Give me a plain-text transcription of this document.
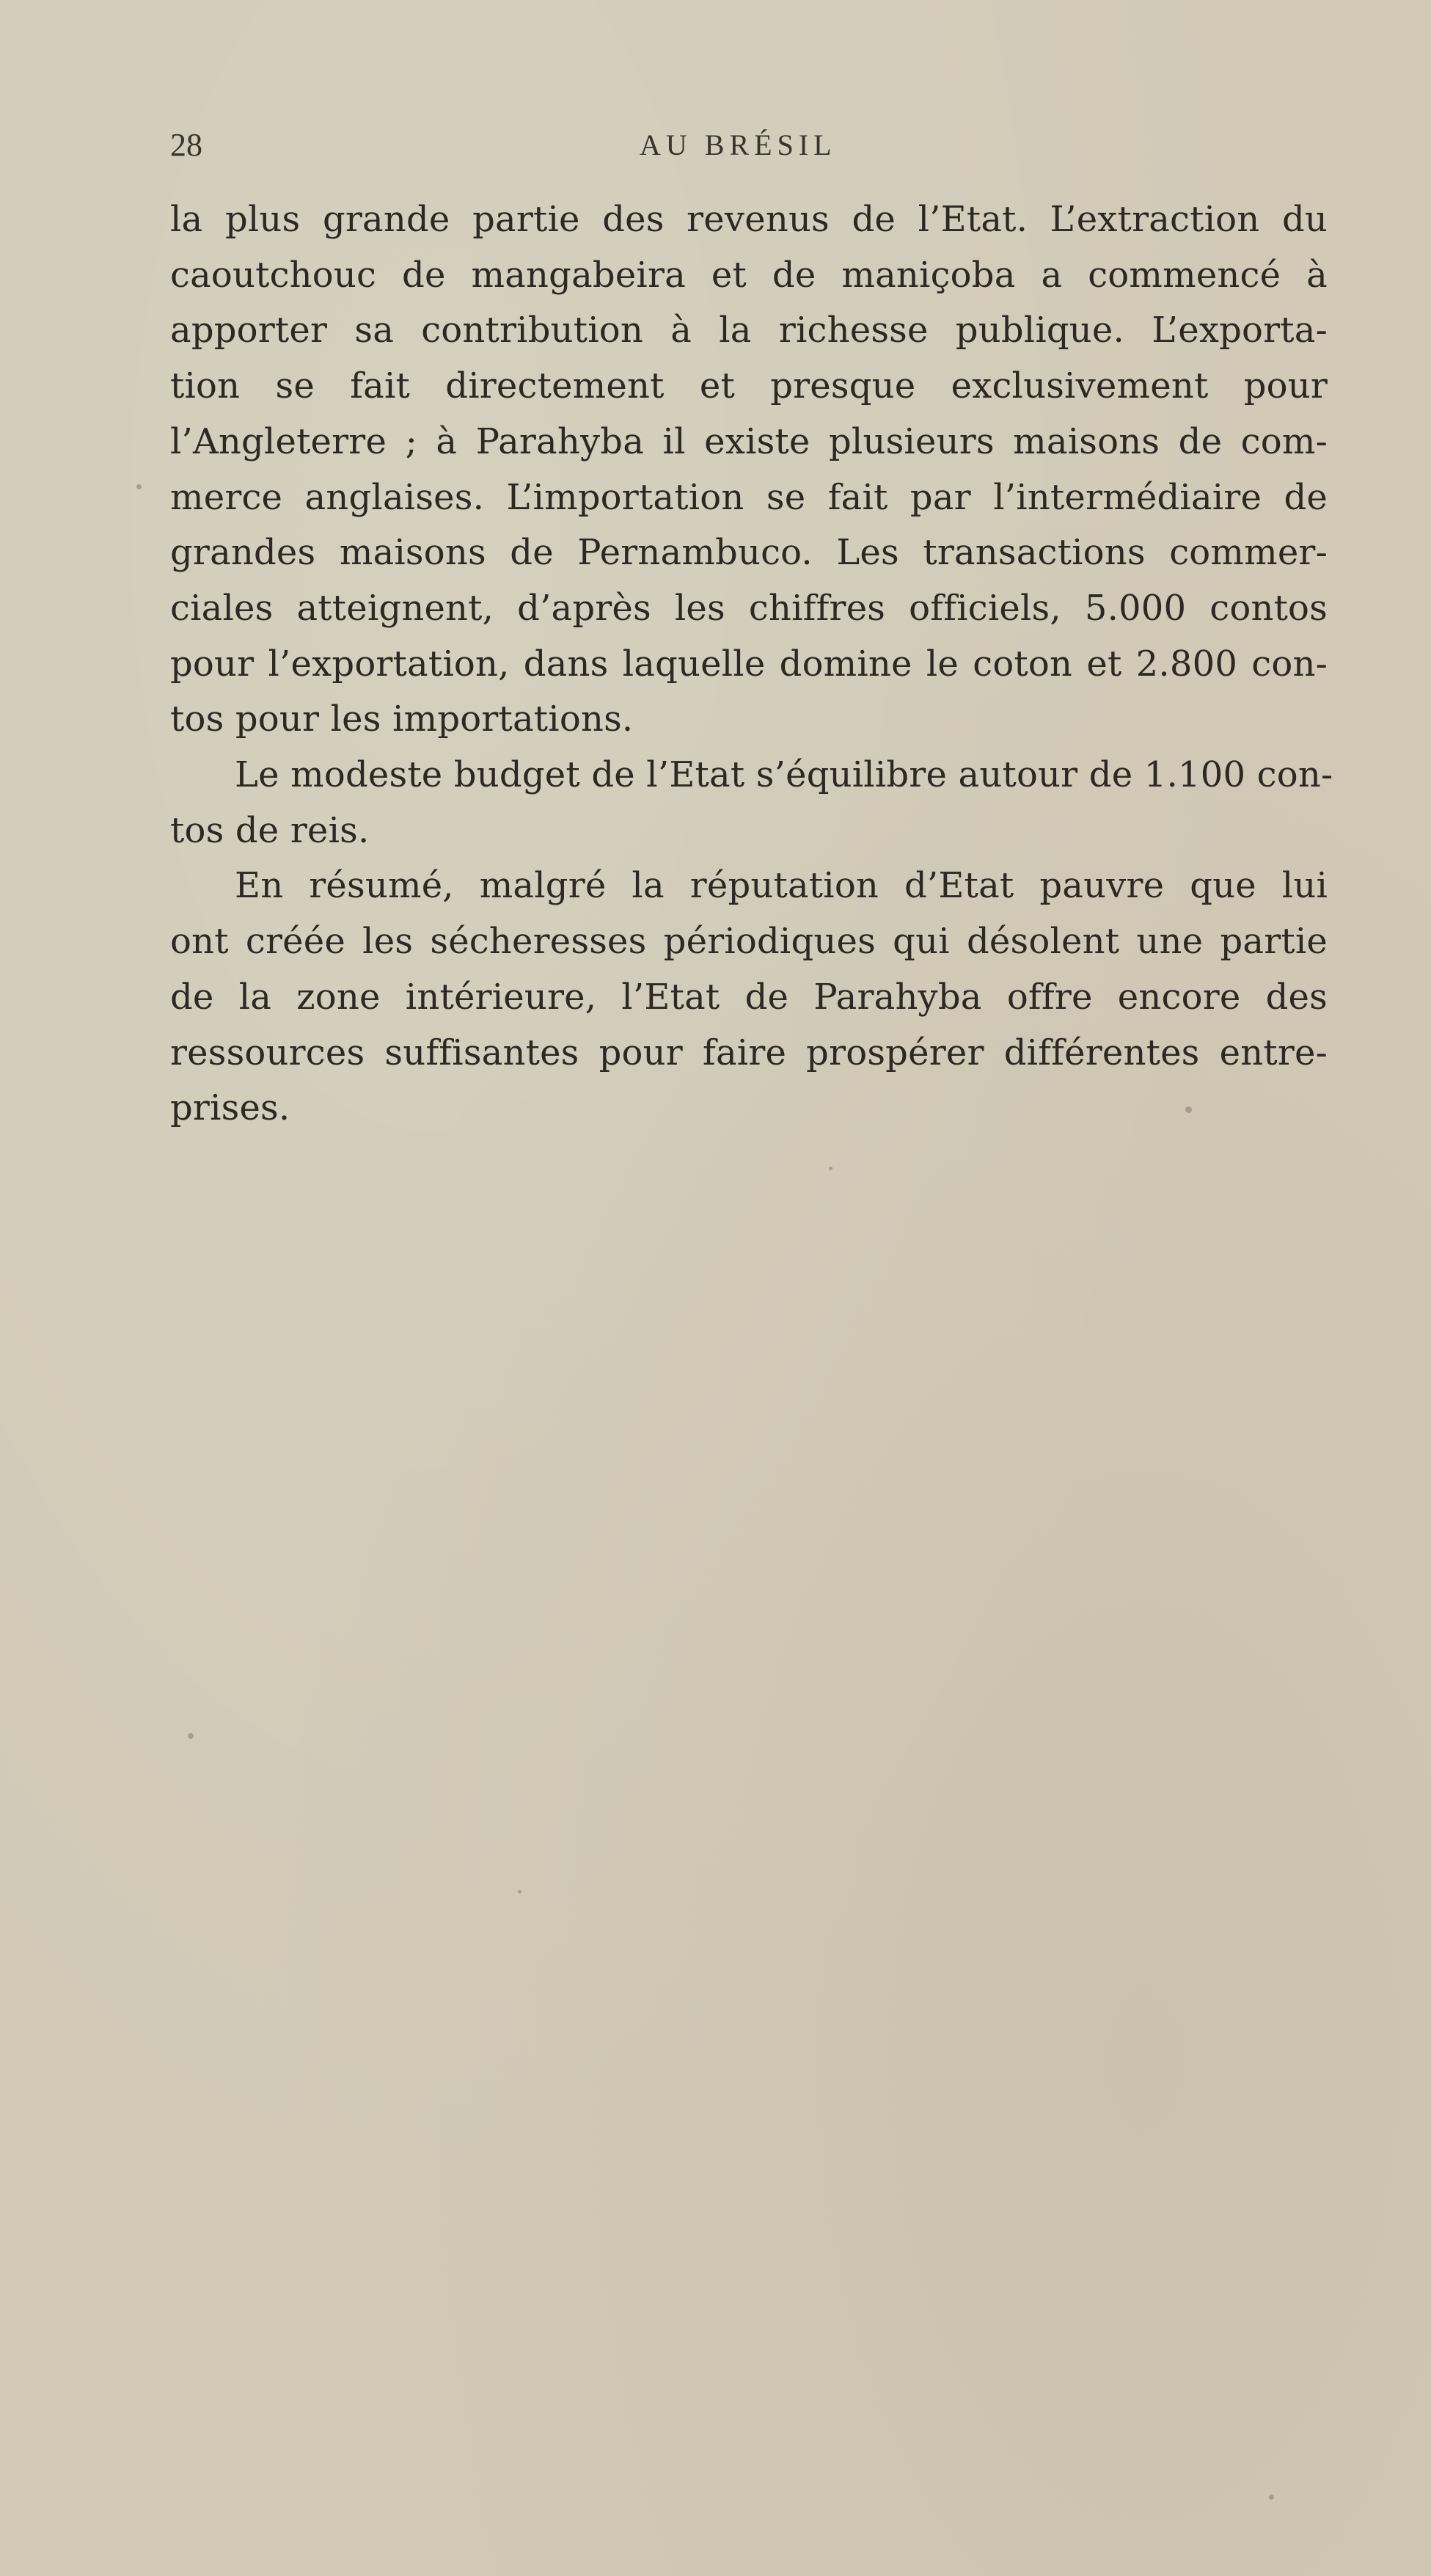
28	AU BRÉSIL

la plus grande partie des revenus de l’Etat. L’extraction du
caoutchouc de mangabeira et de maniçoba a commencé à
apporter sa contribution à la richesse publique. L’exporta-
tion se fait directement et presque exclusivement pour
l’Angleterre ; à Parahyba il existe plusieurs maisons de com-
merce anglaises. L’importation se fait par l’intermédiaire de
grandes maisons de Pernambuco. Les transactions commer-
ciales atteignent, d’après les chiffres officiels, 5.000 contos
pour l’exportation, dans laquelle domine le coton et 2.800 con-
tos pour les importations.

Le modeste budget de l’Etat s’équilibre autour de 1.100 con-
tos de reis.

En résumé, malgré la réputation d’Etat pauvre que lui
ont créée les sécheresses périodiques qui désolent une partie
de la zone intérieure, l’Etat de Parahyba offre encore des
ressources suffisantes pour faire prospérer différentes entre-
prises.
